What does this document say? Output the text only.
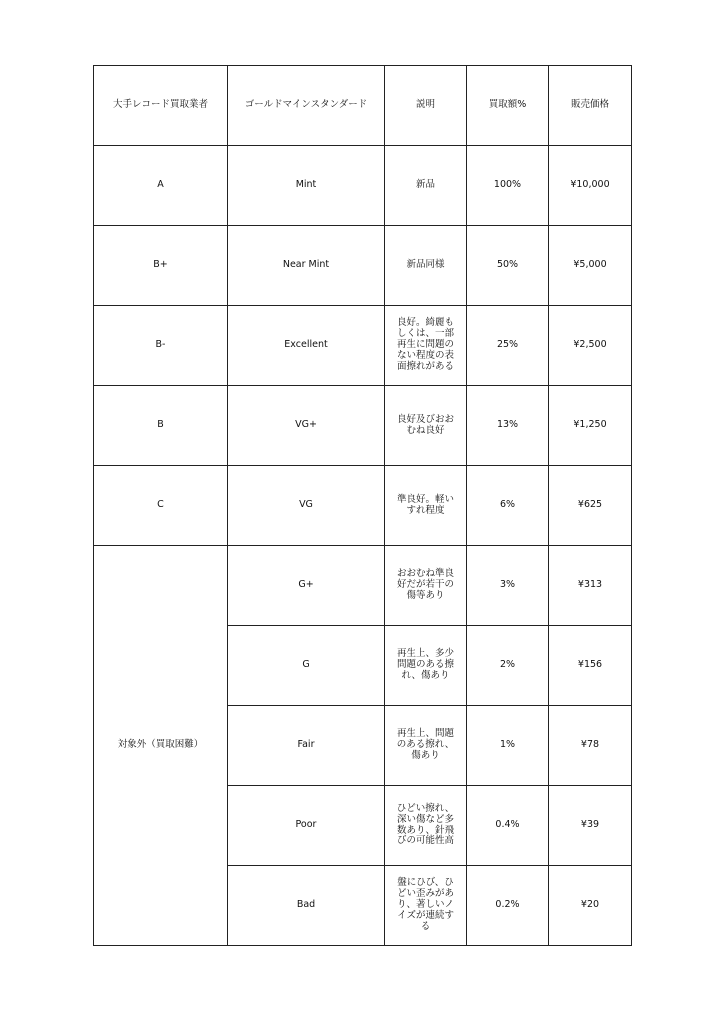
大手レコード買取業者	ゴールドマインスタンダード	説明	買取額%	販売価格
A	Mint	新品	100%	¥10,000
B+	Near Mint	新品同様	50%	¥5,000
B-	Excellent	良好。綺麗もしくは、一部再生に問題のない程度の表面擦れがある	25%	¥2,500
B	VG+	良好及びおおむね良好	13%	¥1,250
C	VG	準良好。軽いすれ程度	6%	¥625
対象外（買取困難）	G+	おおむね準良好だが若干の傷等あり	3%	¥313
	G	再生上、多少問題のある擦れ、傷あり	2%	¥156
	Fair	再生上、問題のある擦れ、傷あり	1%	¥78
	Poor	ひどい擦れ、深い傷など多数あり、針飛びの可能性高	0.4%	¥39
	Bad	盤にひび、ひどい歪みがあり、著しいノイズが連続する	0.2%	¥20
